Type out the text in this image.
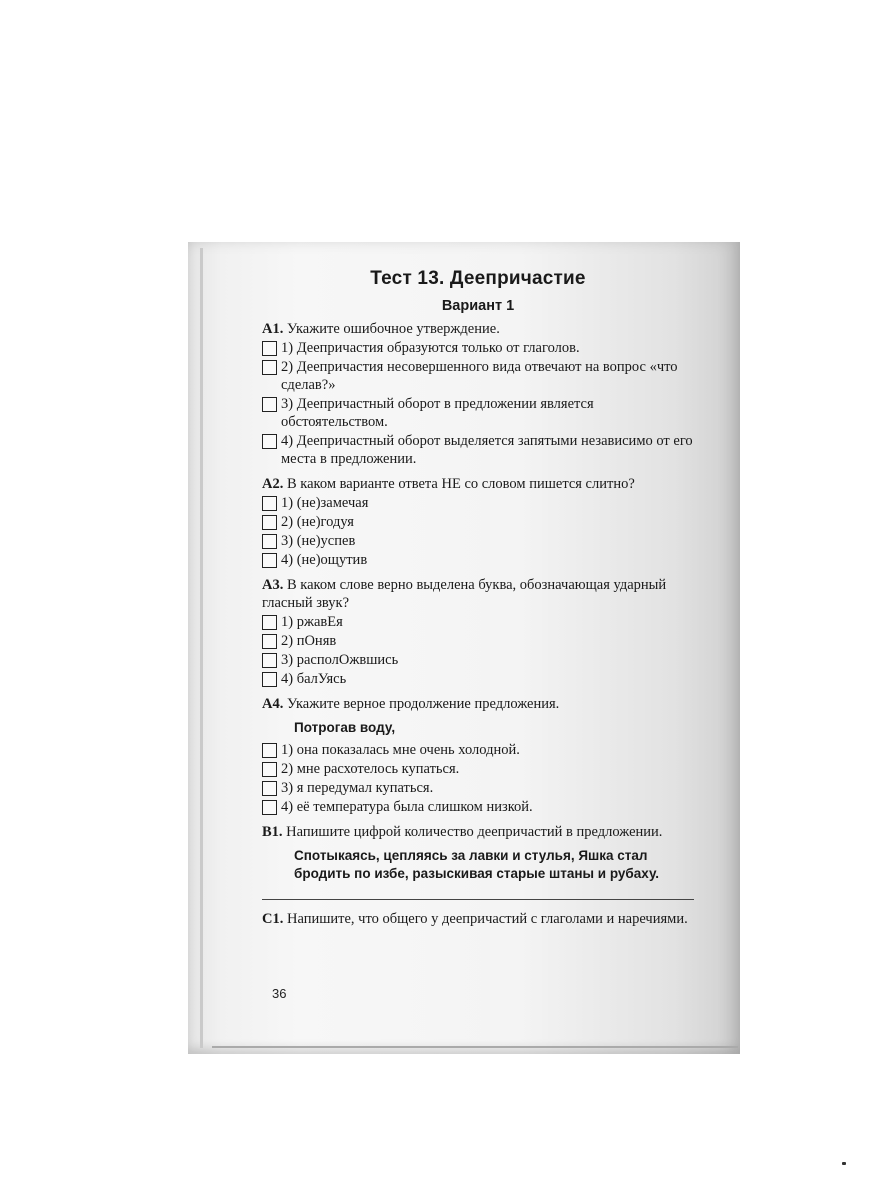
Тест 13. Деепричастие
Вариант 1

А1. Укажите ошибочное утверждение.

1) Деепричастия образуются только от глаголов.
2) Деепричастия несовершенного вида отвечают на вопрос «что сделав?»
3) Деепричастный оборот в предложении является обстоятельством.
4) Деепричастный оборот выделяется запятыми независимо от его места в предложении.

А2. В каком варианте ответа НЕ со словом пишется слитно?

1) (не)замечая
2) (не)годуя
3) (не)успев
4) (не)ощутив

А3. В каком слове верно выделена буква, обозначающая ударный гласный звук?

1) ржавЕя
2) пОняв
3) располОжвшись
4) балУясь

А4. Укажите верное продолжение предложения.

Потрогав воду,
1) она показалась мне очень холодной.
2) мне расхотелось купаться.
3) я передумал купаться.
4) её температура была слишком низкой.

В1. Напишите цифрой количество деепричастий в предложении.

Спотыкаясь, цепляясь за лавки и стулья, Яшка стал бродить по избе, разыскивая старые штаны и рубаху.

С1. Напишите, что общего у деепричастий с глаголами и наречиями.

36
